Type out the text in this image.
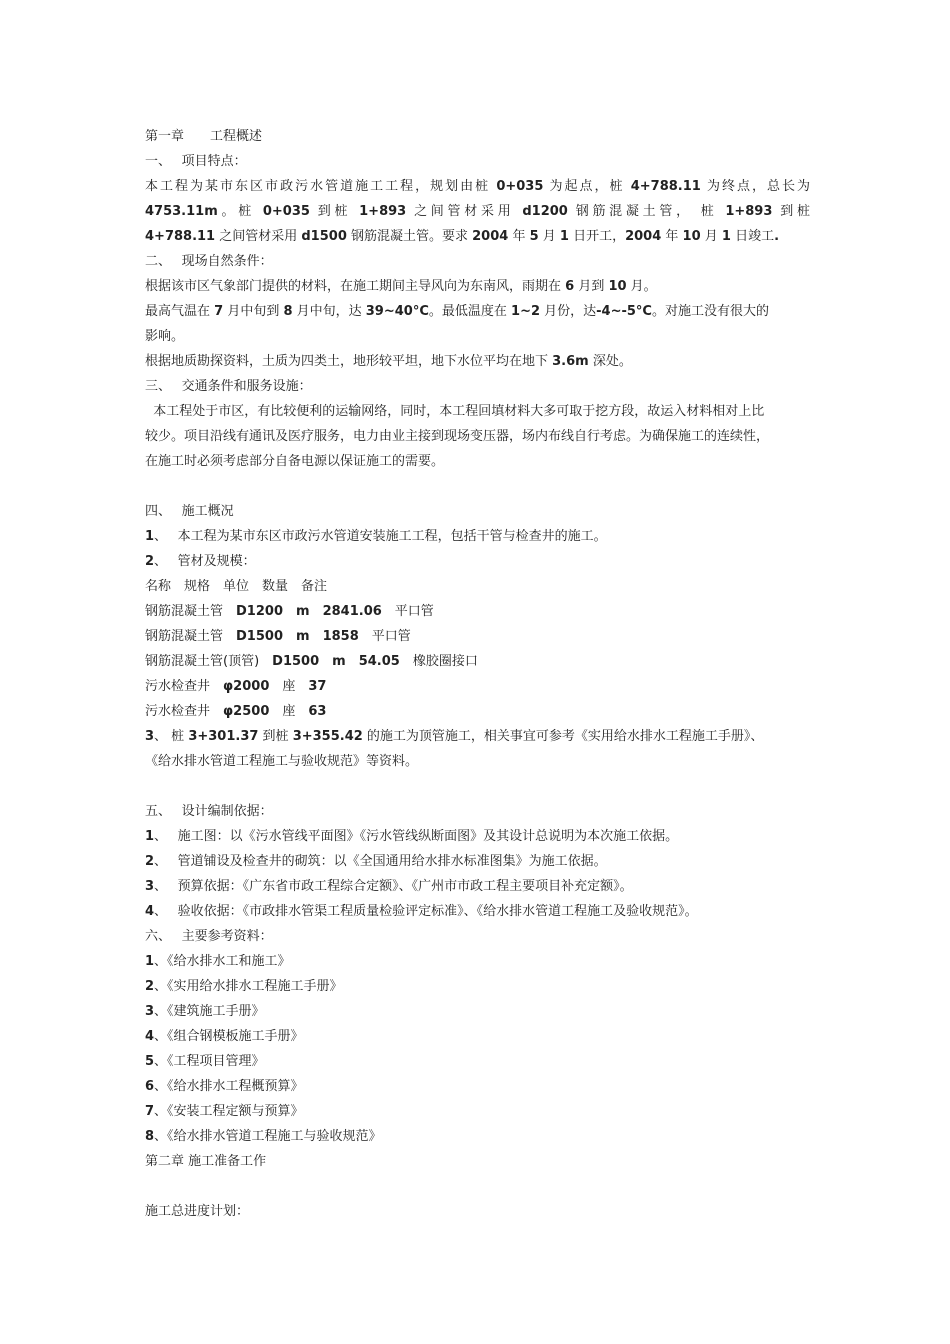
第一章　　工程概述
一、　 项目特点：
本工程为某市东区市政污水管道施工工程，规划由桩 0+035 为起点，桩 4+788.11 为终点，总长为
4753.11m。桩 0+035 到桩 1+893 之间管材采用 d1200 钢筋混凝土管， 桩 1+893 到桩
4+788.11 之间管材采用 d1500 钢筋混凝土管。要求 2004 年 5 月 1 日开工，2004 年 10 月 1 日竣工.
二、　 现场自然条件：
根据该市区气象部门提供的材料，在施工期间主导风向为东南风，雨期在 6 月到 10 月。
最高气温在 7 月中旬到 8 月中旬，达 39~40°C。最低温度在 1~2 月份，达-4~-5°C。对施工没有很大的
影响。
根据地质勘探资料，土质为四类土，地形较平坦，地下水位平均在地下 3.6m 深处。
三、　 交通条件和服务设施：
本工程处于市区，有比较便利的运输网络，同时，本工程回填材料大多可取于挖方段，故运入材料相对上比
较少。项目沿线有通讯及医疗服务，电力由业主接到现场变压器，场内布线自行考虑。为确保施工的连续性，
在施工时必须考虑部分自备电源以保证施工的需要。
四、　 施工概况
1、　 本工程为某市东区市政污水管道安装施工工程，包括干管与检查井的施工。
2、　 管材及规模：
名称　规格　单位　数量　备注
钢筋混凝土管　D1200　 m　 2841.06　平口管
钢筋混凝土管　D1500　 m　 1858　平口管
钢筋混凝土管(顶管)　D1500　 m　 54.05　橡胶圈接口
污水检查井　φ2000　座　37
污水检查井　φ2500　座　63
3、 桩 3+301.37 到桩 3+355.42 的施工为顶管施工，相关事宜可参考《实用给水排水工程施工手册》、
《给水排水管道工程施工与验收规范》等资料。
五、　 设计编制依据：
1、　 施工图：以《污水管线平面图》《污水管线纵断面图》及其设计总说明为本次施工依据。
2、　 管道铺设及检查井的砌筑：以《全国通用给水排水标准图集》为施工依据。
3、　 预算依据：《广东省市政工程综合定额》、《广州市市政工程主要项目补充定额》。
4、　 验收依据：《市政排水管渠工程质量检验评定标准》、《给水排水管道工程施工及验收规范》。
六、　 主要参考资料：
1、《给水排水工和施工》
2、《实用给水排水工程施工手册》
3、《建筑施工手册》
4、《组合钢模板施工手册》
5、《工程项目管理》
6、《给水排水工程概预算》
7、《安装工程定额与预算》
8、《给水排水管道工程施工与验收规范》
第二章 施工准备工作
施工总进度计划：
